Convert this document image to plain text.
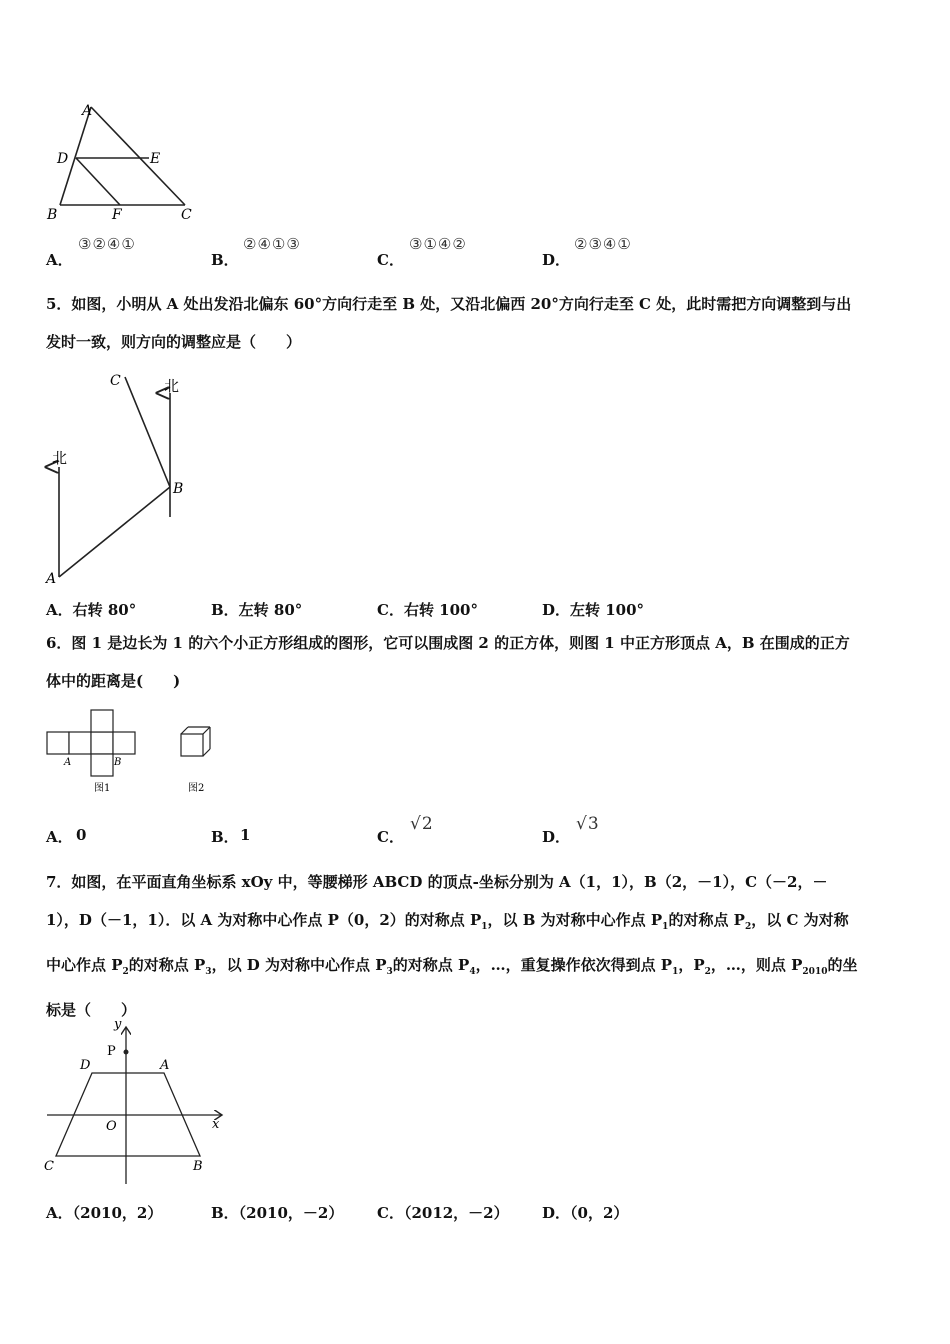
A
D	E
B	F	C
A．
③②④①
B．
②④①③
C．
③①④②
D．
②③④①
5．如图，小明从 A 处出发沿北偏东 60°方向行走至 B 处，又沿北偏西 20°方向行走至 C 处，此时需把方向调整到与出
发时一致，则方向的调整应是（　　）
北
北
A
B
C
A．右转 80°	B．左转 80°	C．右转 100°	D．左转 100°
6．图 1 是边长为 1 的六个小正方形组成的图形，它可以围成图 2 的正方体，则图 1 中正方形顶点 A，B 在围成的正方
体中的距离是(　　)
A	B
图1	图2
A． 0	B． 1	C．
√2
D．
√3
7．如图，在平面直角坐标系 xOy 中，等腰梯形 ABCD 的顶点-坐标分别为 A（1，1），B（2，－1），C（－2，－
1），D（－1，1）．以 A 为对称中心作点 P（0，2）的对称点 $P_1$，以 B 为对称中心作点 $P_1$的对称点 $P_2$，以 C 为对称
中心作点 $P_2$的对称点 $P_3$，以 D 为对称中心作点 $P_3$的对称点 $P_4$，…，重复操作依次得到点 $P_1$，$P_2$，…，则点 $P_{2010}$的坐
标是（　　）
y
x
P
D	A
O
C	B
A．（2010，2）	B．（2010，－2） C．（2012，－2） D．（0，2）
